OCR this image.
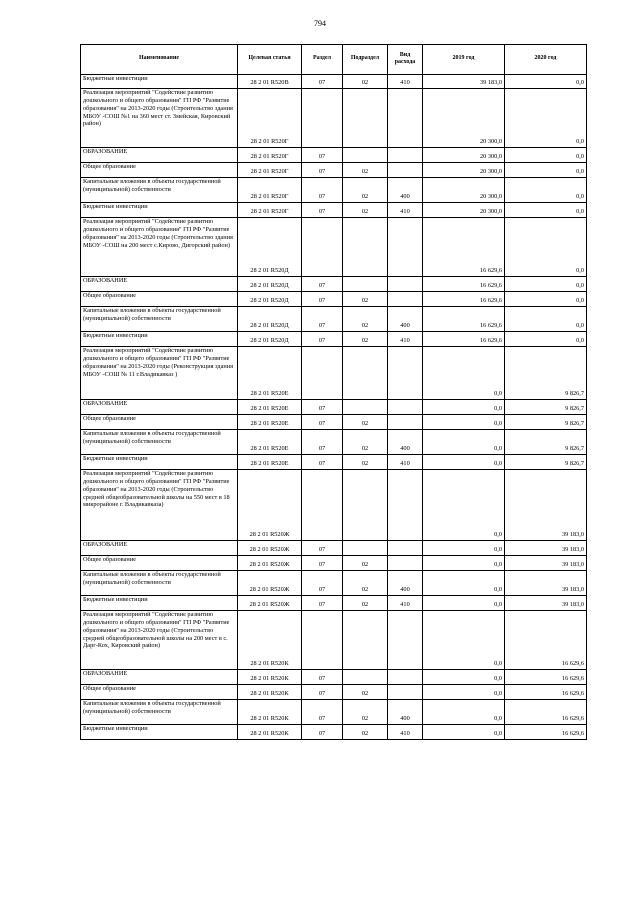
794
Наименование	Целевая статья	Раздел	Подраздел	Вид расхода	2019 год	2020 год
Бюджетные инвестиции	28 2 01 R520В	07	02	410	39 183,0	0,0
Реализация мероприятий "Содействие развитию дошкольного и общего образования" ГП РФ "Развитие образования" на 2013-2020 годы (Строительство здания МБОУ -СОШ №1 на 360 мест ст. Змейская, Кировский район)	28 2 01 R520Г				20 300,0	0,0
ОБРАЗОВАНИЕ	28 2 01 R520Г	07			20 300,0	0,0
Общее образование	28 2 01 R520Г	07	02		20 300,0	0,0
Капитальные вложения в объекты государственной (муниципальной) собственности	28 2 01 R520Г	07	02	400	20 300,0	0,0
Бюджетные инвестиции	28 2 01 R520Г	07	02	410	20 300,0	0,0
Реализация мероприятий "Содействие развитию дошкольного и общего образования" ГП РФ "Развитие образования" на 2013-2020 годы (Строительство здания МБОУ -СОШ на 200 мест с.Кирово, Дигорский район)	28 2 01 R520Д				16 629,6	0,0
ОБРАЗОВАНИЕ	28 2 01 R520Д	07			16 629,6	0,0
Общее образование	28 2 01 R520Д	07	02		16 629,6	0,0
Капитальные вложения в объекты государственной (муниципальной) собственности	28 2 01 R520Д	07	02	400	16 629,6	0,0
Бюджетные инвестиции	28 2 01 R520Д	07	02	410	16 629,6	0,0
Реализация мероприятий "Содействие развитию дошкольного и общего образования" ГП РФ "Развитие образования" на 2013-2020 годы (Реконструкция здания МБОУ -СОШ № 11 г.Владикавказ )	28 2 01 R520Е				0,0	9 826,7
ОБРАЗОВАНИЕ	28 2 01 R520Е	07			0,0	9 826,7
Общее образование	28 2 01 R520Е	07	02		0,0	9 826,7
Капитальные вложения в объекты государственной (муниципальной) собственности	28 2 01 R520Е	07	02	400	0,0	9 826,7
Бюджетные инвестиции	28 2 01 R520Е	07	02	410	0,0	9 826,7
Реализация мероприятий "Содействие развитию дошкольного и общего образования" ГП РФ "Развитие образования" на 2013-2020 годы (Строительство средней общеобразовательной школы на 550 мест в 18 микрорайоне г. Владикавказа)	28 2 01 R520Ж				0,0	39 183,0
ОБРАЗОВАНИЕ	28 2 01 R520Ж	07			0,0	39 183,0
Общее образование	28 2 01 R520Ж	07	02		0,0	39 183,0
Капитальные вложения в объекты государственной (муниципальной) собственности	28 2 01 R520Ж	07	02	400	0,0	39 183,0
Бюджетные инвестиции	28 2 01 R520Ж	07	02	410	0,0	39 183,0
Реализация мероприятий "Содействие развитию дошкольного и общего образования" ГП РФ "Развитие образования" на 2013-2020 годы (Строительство средней общеобразовательной школы на 200 мест в с. Дарг-Кох, Кировский район)	28 2 01 R520К				0,0	16 629,6
ОБРАЗОВАНИЕ	28 2 01 R520К	07			0,0	16 629,6
Общее образование	28 2 01 R520К	07	02		0,0	16 629,6
Капитальные вложения в объекты государственной (муниципальной) собственности	28 2 01 R520К	07	02	400	0,0	16 629,6
Бюджетные инвестиции	28 2 01 R520К	07	02	410	0,0	16 629,6
